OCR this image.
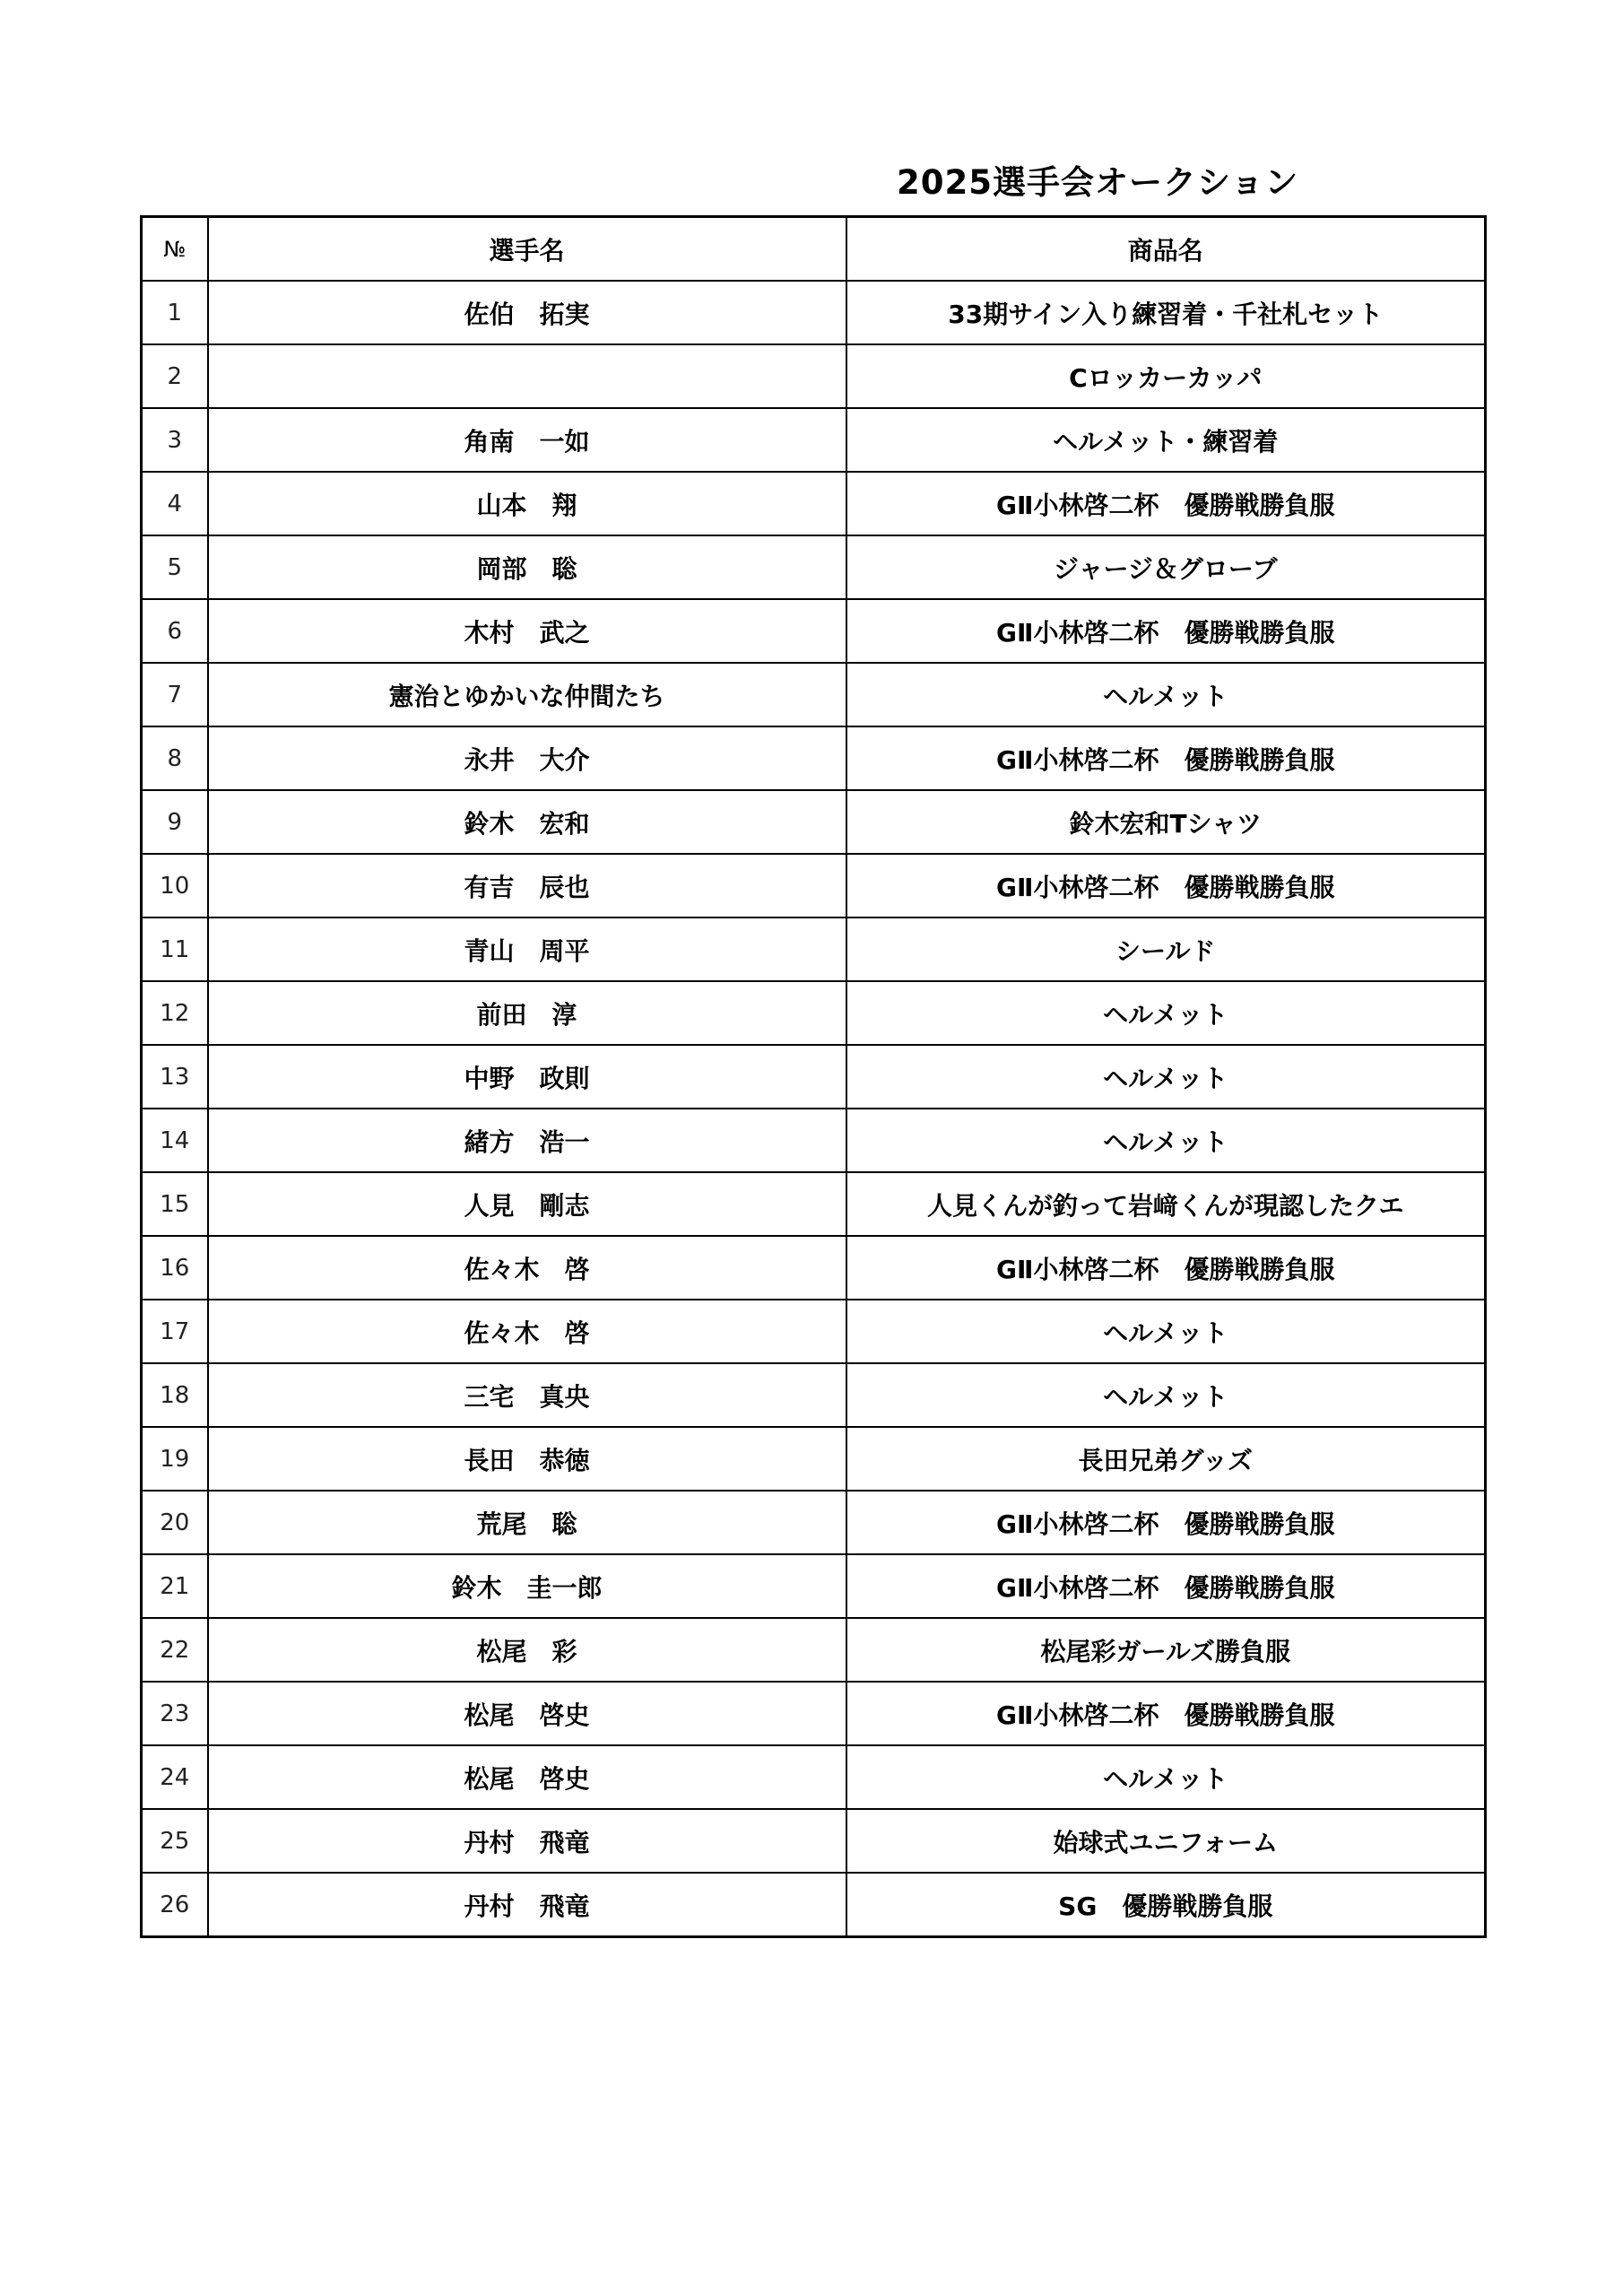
2025選手会オークション
№	選手名	商品名
1	佐伯　拓実	33期サイン入り練習着・千社札セット
2		Cロッカーカッパ
3	角南　一如	ヘルメット・練習着
4	山本　翔	GⅡ小林啓二杯　優勝戦勝負服
5	岡部　聡	ジャージ＆グローブ
6	木村　武之	GⅡ小林啓二杯　優勝戦勝負服
7	憲治とゆかいな仲間たち	ヘルメット
8	永井　大介	GⅡ小林啓二杯　優勝戦勝負服
9	鈴木　宏和	鈴木宏和Tシャツ
10	有吉　辰也	GⅡ小林啓二杯　優勝戦勝負服
11	青山　周平	シールド
12	前田　淳	ヘルメット
13	中野　政則	ヘルメット
14	緒方　浩一	ヘルメット
15	人見　剛志	人見くんが釣って岩﨑くんが現認したクエ
16	佐々木　啓	GⅡ小林啓二杯　優勝戦勝負服
17	佐々木　啓	ヘルメット
18	三宅　真央	ヘルメット
19	長田　恭徳	長田兄弟グッズ
20	荒尾　聡	GⅡ小林啓二杯　優勝戦勝負服
21	鈴木　圭一郎	GⅡ小林啓二杯　優勝戦勝負服
22	松尾　彩	松尾彩ガールズ勝負服
23	松尾　啓史	GⅡ小林啓二杯　優勝戦勝負服
24	松尾　啓史	ヘルメット
25	丹村　飛竜	始球式ユニフォーム
26	丹村　飛竜	SG　優勝戦勝負服
